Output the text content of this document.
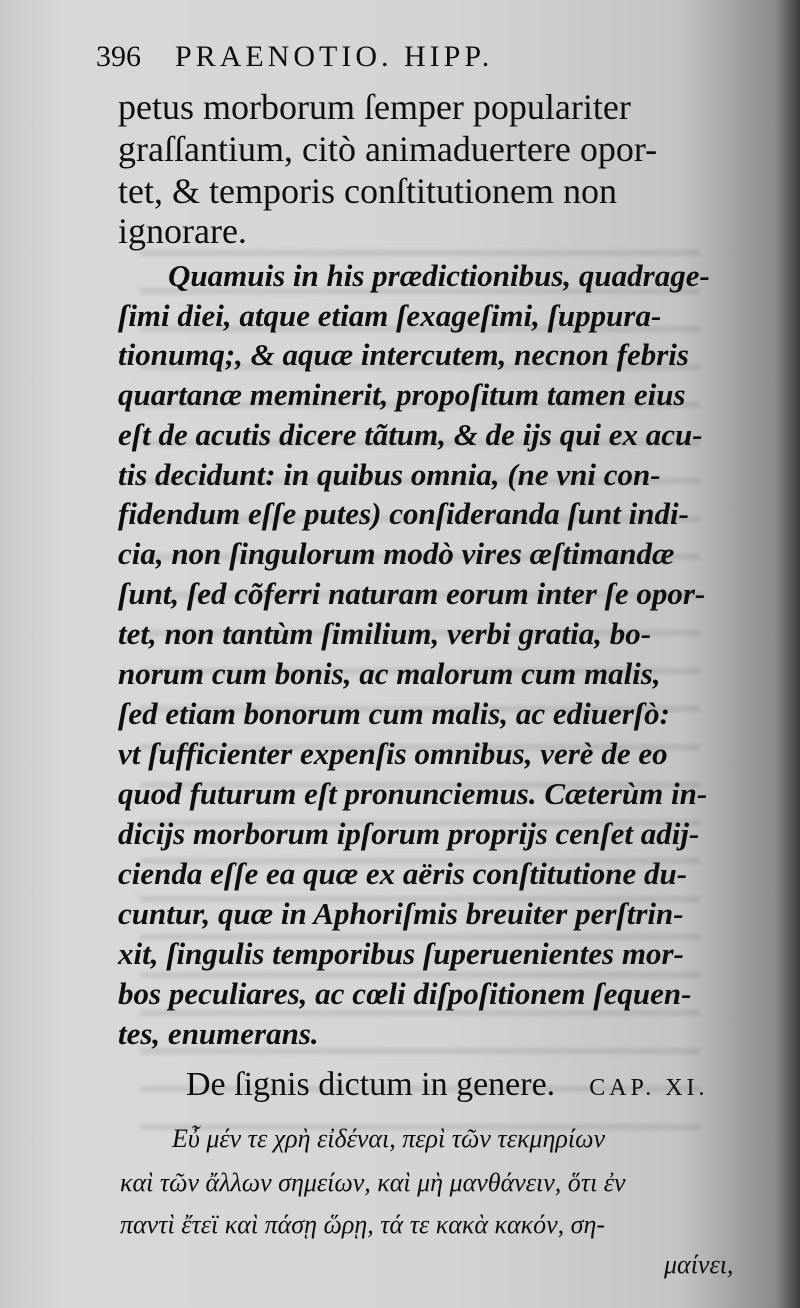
396 PRAENOTIO. HIPP.
petus morborum ſemper populariter
graſſantium, citò animaduertere opor-
tet, & temporis conſtitutionem non
ignorare.
Quamuis in his prædictionibus, quadrage-
ſimi diei, atque etiam ſexageſimi, ſuppura-
tionumq;, & aquæ intercutem, necnon febris
quartanæ meminerit, propoſitum tamen eius
eſt de acutis dicere tãtum, & de ijs qui ex acu-
tis decidunt: in quibus omnia, (ne vni con-
fidendum eſſe putes) conſideranda ſunt indi-
cia, non ſingulorum modò vires æſtimandæ
ſunt, ſed cõferri naturam eorum inter ſe opor-
tet, non tantùm ſimilium, verbi gratia, bo-
norum cum bonis, ac malorum cum malis,
ſed etiam bonorum cum malis, ac ediuerſò:
vt ſufficienter expenſis omnibus, verè de eo
quod futurum eſt pronunciemus. Cæterùm in-
dicijs morborum ipſorum proprijs cenſet adij-
cienda eſſe ea quæ ex aëris conſtitutione du-
cuntur, quæ in Aphoriſmis breuiter perſtrin-
xit, ſingulis temporibus ſuperuenientes mor-
bos peculiares, ac cœli diſpoſitionem ſequen-
tes, enumerans.
De ſignis dictum in genere. CAP. XI.
Εὖ μέν τε χρὴ εἰδέναι, περὶ τῶν τεκμηρίων
καὶ τῶν ἄλλων σημείων, καὶ μὴ μανθάνειν, ὅτι ἐν
παντὶ ἔτεϊ καὶ πάσῃ ὥρῃ, τά τε κακὰ κακόν, ση-
μαίνει,
